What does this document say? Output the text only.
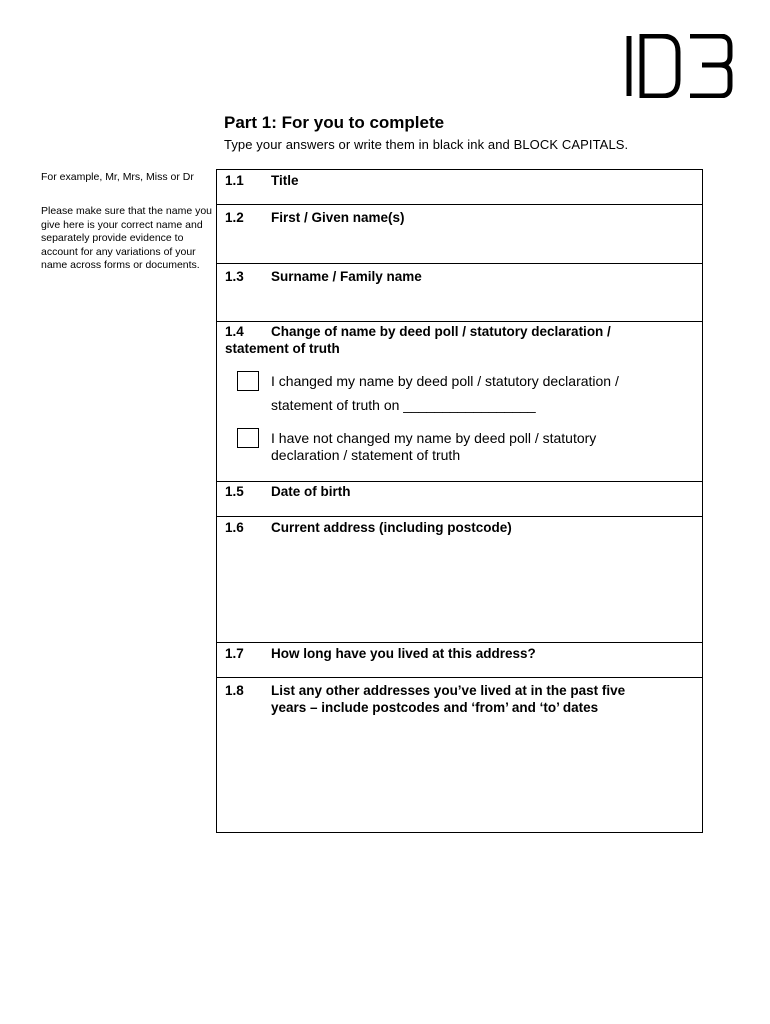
Part 1: For you to complete
Type your answers or write them in black ink and BLOCK CAPITALS.
For example, Mr, Mrs, Miss or Dr
Please make sure that the name you give here is your correct name and separately provide evidence to account for any variations of your name across forms or documents.
1.1 Title
1.2 First / Given name(s)
1.3 Surname / Family name
1.4 Change of name by deed poll / statutory declaration /
statement of truth
I changed my name by deed poll / statutory declaration /
statement of truth on _________________
I have not changed my name by deed poll / statutory
declaration / statement of truth
1.5 Date of birth
1.6 Current address (including postcode)
1.7 How long have you lived at this address?
1.8 List any other addresses you’ve lived at in the past five
years – include postcodes and ‘from’ and ‘to’ dates
